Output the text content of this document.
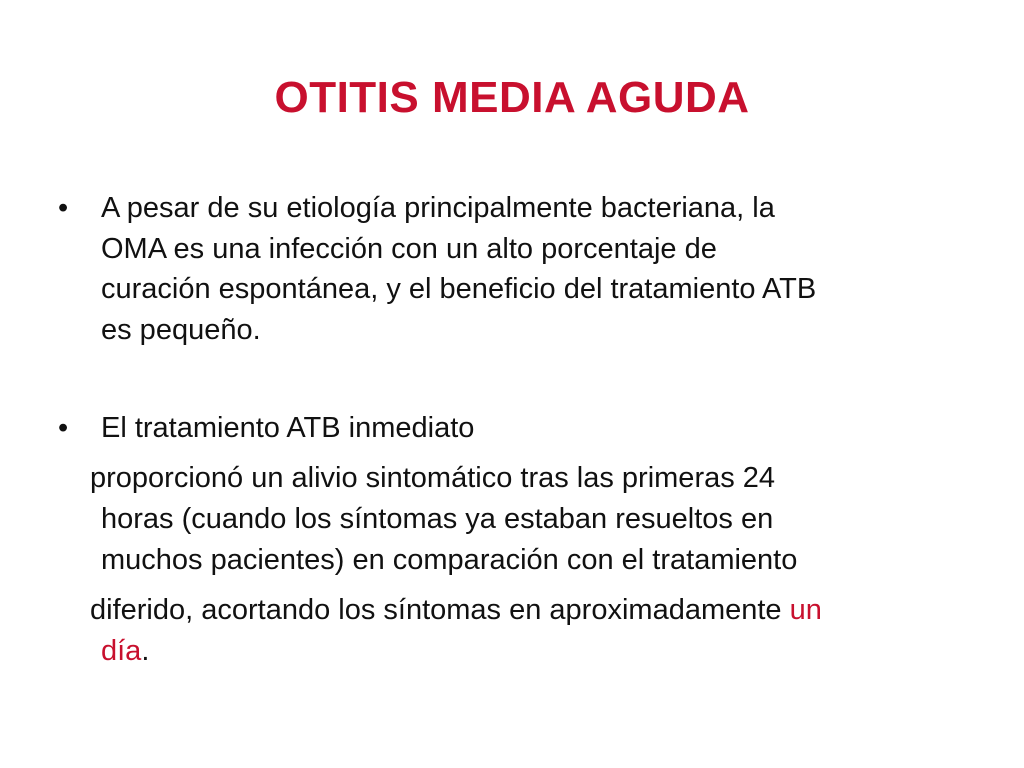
OTITIS MEDIA AGUDA
• A pesar de su etiología principalmente bacteriana, la
OMA es una infección con un alto porcentaje de
curación espontánea, y el beneficio del tratamiento ATB
es pequeño.
• El tratamiento ATB inmediato
proporcionó un alivio sintomático tras las primeras 24
horas (cuando los síntomas ya estaban resueltos en
muchos pacientes) en comparación con el tratamiento
diferido, acortando los síntomas en aproximadamente un
día.
